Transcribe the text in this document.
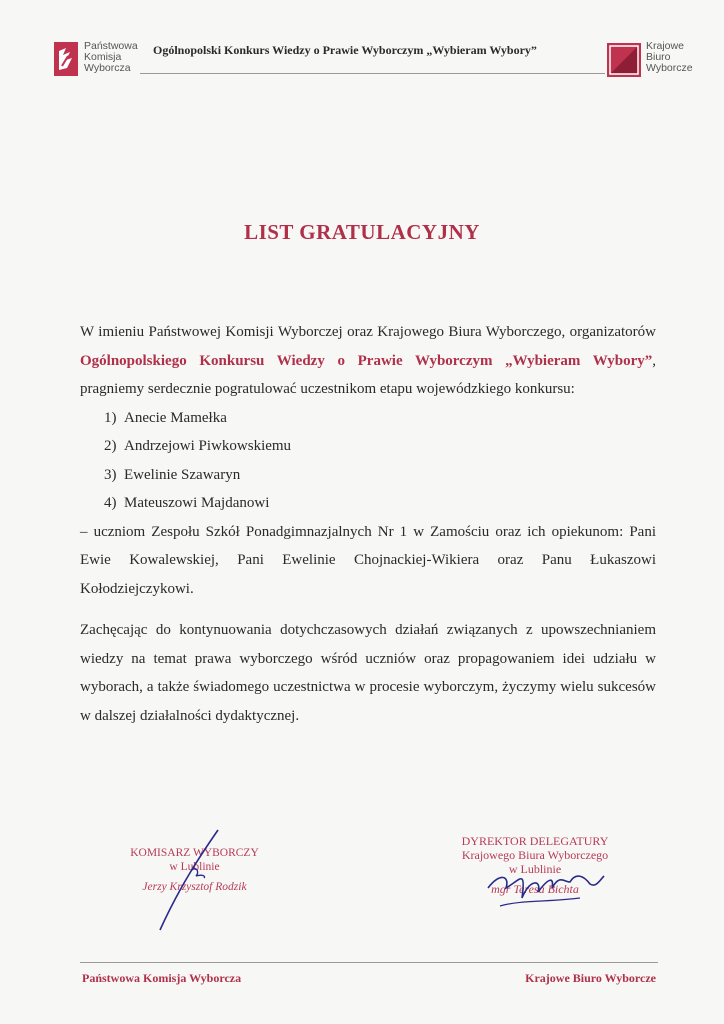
Państwowa
Komisja
Wyborcza
Ogólnopolski Konkurs Wiedzy o Prawie Wyborczym „Wybieram Wybory”	Krajowe
Biuro
Wyborcze
LIST GRATULACYJNY

W imieniu Państwowej Komisji Wyborczej oraz Krajowego Biura Wyborczego, organizatorów Ogólnopolskiego Konkursu Wiedzy o Prawie Wyborczym „Wybieram Wybory”, pragniemy serdecznie pogratulować uczestnikom etapu wojewódzkiego konkursu:

1)  Anecie Mamełka
2)  Andrzejowi Piwkowskiemu
3)  Ewelinie Szawaryn
4)  Mateuszowi Majdanowi

– uczniom Zespołu Szkół Ponadgimnazjalnych Nr 1 w Zamościu oraz ich opiekunom: Pani Ewie Kowalewskiej, Pani Ewelinie Chojnackiej-Wikiera oraz Panu Łukaszowi Kołodziejczykowi.

Zachęcając do kontynuowania dotychczasowych działań związanych z upowszechnianiem wiedzy na temat prawa wyborczego wśród uczniów oraz propagowaniem idei udziału w wyborach, a także świadomego uczestnictwa w procesie wyborczym, życzymy wielu sukcesów w dalszej działalności dydaktycznej.

KOMISARZ WYBORCZY
w Lublinie
Jerzy Krzysztof Rodzik
DYREKTOR DELEGATURY
Krajowego Biura Wyborczego
w Lublinie
mgr Teresa Bichta
Państwowa Komisja Wyborcza	Krajowe Biuro Wyborcze
